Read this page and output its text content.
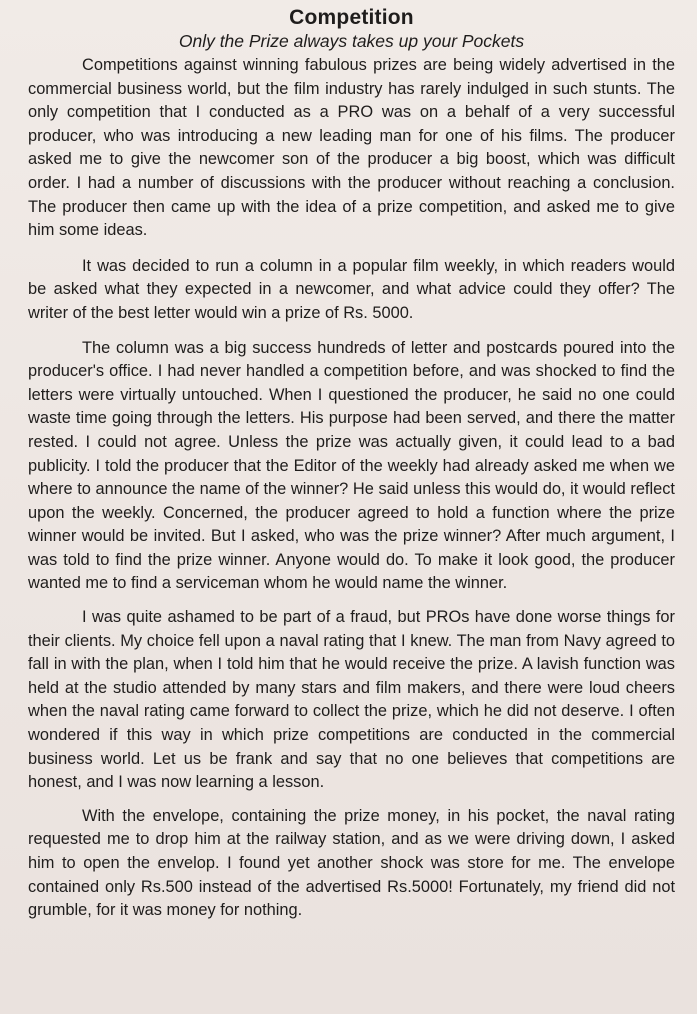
Competition
Only the Prize always takes up your Pockets

Competitions against winning fabulous prizes are being widely advertised in the commercial business world, but the film industry has rarely indulged in such stunts. The only competition that I conducted as a PRO was on a behalf of a very successful producer, who was introducing a new leading man for one of his films. The producer asked me to give the newcomer son of the producer a big boost, which was difficult order. I had a number of discussions with the producer without reaching a conclusion. The producer then came up with the idea of a prize competition, and asked me to give him some ideas.

It was decided to run a column in a popular film weekly, in which readers would be asked what they expected in a newcomer, and what advice could they offer? The writer of the best letter would win a prize of Rs. 5000.

The column was a big success hundreds of letter and postcards poured into the producer's office. I had never handled a competition before, and was shocked to find the letters were virtually untouched. When I questioned the producer, he said no one could waste time going through the letters. His purpose had been served, and there the matter rested. I could not agree. Unless the prize was actually given, it could lead to a bad publicity. I told the producer that the Editor of the weekly had already asked me when we where to announce the name of the winner? He said unless this would do, it would reflect upon the weekly. Concerned, the producer agreed to hold a function where the prize winner would be invited. But I asked, who was the prize winner? After much argument, I was told to find the prize winner. Anyone would do. To make it look good, the producer wanted me to find a serviceman whom he would name the winner.

I was quite ashamed to be part of a fraud, but PROs have done worse things for their clients. My choice fell upon a naval rating that I knew. The man from Navy agreed to fall in with the plan, when I told him that he would receive the prize. A lavish function was held at the studio attended by many stars and film makers, and there were loud cheers when the naval rating came forward to collect the prize, which he did not deserve. I often wondered if this way in which prize competitions are conducted in the commercial business world. Let us be frank and say that no one believes that competitions are honest, and I was now learning a lesson.

With the envelope, containing the prize money, in his pocket, the naval rating requested me to drop him at the railway station, and as we were driving down, I asked him to open the envelop. I found yet another shock was store for me. The envelope contained only Rs.500 instead of the advertised Rs.5000! Fortunately, my friend did not grumble, for it was money for nothing.
